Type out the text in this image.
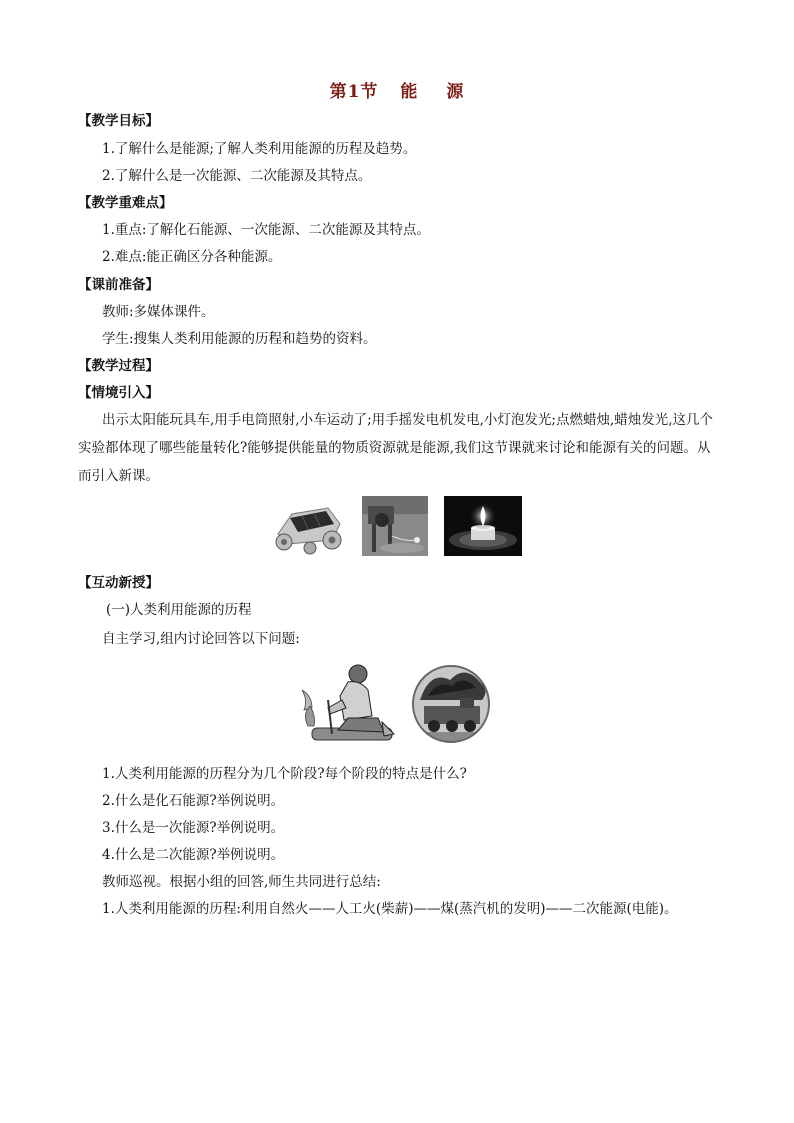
第1节 能 源
【教学目标】
1.了解什么是能源;了解人类利用能源的历程及趋势。
2.了解什么是一次能源、二次能源及其特点。
【教学重难点】
1.重点:了解化石能源、一次能源、二次能源及其特点。
2.难点:能正确区分各种能源。
【课前准备】
教师:多媒体课件。
学生:搜集人类利用能源的历程和趋势的资料。
【教学过程】
【情境引入】
出示太阳能玩具车,用手电筒照射,小车运动了;用手摇发电机发电,小灯泡发光;点燃蜡烛,蜡烛发光,这几个实验都体现了哪些能量转化?能够提供能量的物质资源就是能源,我们这节课就来讨论和能源有关的问题。从而引入新课。
【互动新授】
(一)人类利用能源的历程
自主学习,组内讨论回答以下问题:
1.人类利用能源的历程分为几个阶段?每个阶段的特点是什么?
2.什么是化石能源?举例说明。
3.什么是一次能源?举例说明。
4.什么是二次能源?举例说明。
教师巡视。根据小组的回答,师生共同进行总结:
1.人类利用能源的历程:利用自然火——人工火(柴薪)——煤(蒸汽机的发明)——二次能源(电能)。
